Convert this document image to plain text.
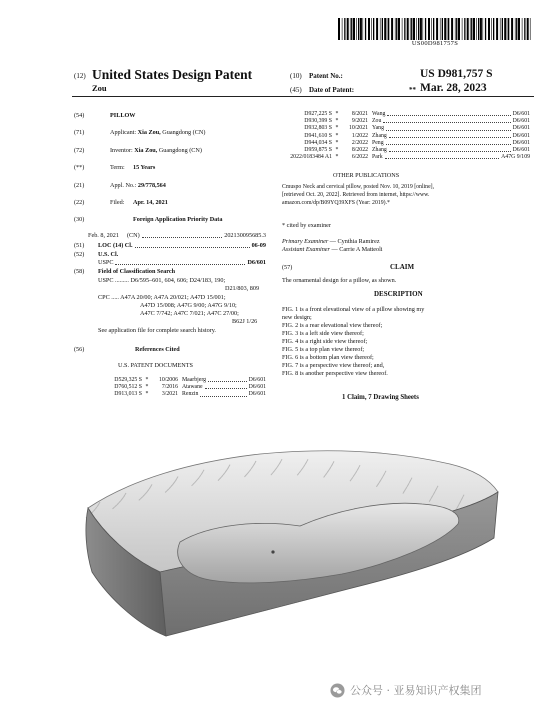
US00D981757S
(12) United States Design Patent
Zou
(10) Patent No.:	US D981,757 S
(45) Date of Patent:	** Mar. 28, 2023
(54)	PILLOW
(71)	Applicant: Xia Zou, Guangdong (CN)
(72)	Inventor: Xia Zou, Guangdong (CN)
(**)	Term: 15 Years
(21)	Appl. No.: 29/778,564
(22)	Filed: Apr. 14, 2021
(30)	Foreign Application Priority Data
Feb. 8, 2021 (CN)	202130095685.3
(51) LOC (14) Cl.	06-09
(52) U.S. Cl.
USPC	D6/601
(58) Field of Classification Search
USPC ......... D6/595–601, 604, 606; D24/183, 190;
D21/803, 809
CPC ..... A47A 20/00; A47A 20/021; A47D 15/001;
A47D 15/008; A47G 9/00; A47G 9/10;
A47C 7/742; A47C 7/021; A47C 27/00;
B62J 1/26
See application file for complete search history.
(56)	References Cited
U.S. PATENT DOCUMENTS
D529,325 S *	10/2006 Maarbjerg	D6/601
D760,512 S *	7/2016 Atawane	D6/601
D913,013 S *	3/2021 Renzin	D6/601
D927,225 S *	8/2021 Wang	D6/601
D930,399 S *	9/2021 Zou	D6/601
D932,803 S *	10/2021 Yang	D6/601
D941,610 S *	1/2022 Zhang	D6/601
D944,034 S *	2/2022 Peng	D6/601
D959,875 S *	8/2022 Zhang	D6/601
2022/0183484 A1 *	6/2022 Park	A47G 9/109
OTHER PUBLICATIONS
Cmuspo Neck and cervical pillow, posted Nov. 10, 2019 [online],
[retrieved Oct. 20, 2022]. Retrieved from internet, https://www.
amazon.com/dp/B09YQ39XFS (Year: 2019).*
* cited by examiner
Primary Examiner — Cynthia Ramirez
Assistant Examiner — Carrie A Matteoli
(57)	CLAIM
The ornamental design for a pillow, as shown.
DESCRIPTION
FIG. 1 is a front elevational view of a pillow showing my
new design;
FIG. 2 is a rear elevational view thereof;
FIG. 3 is a left side view thereof;
FIG. 4 is a right side view thereof;
FIG. 5 is a top plan view thereof;
FIG. 6 is a bottom plan view thereof;
FIG. 7 is a perspective view thereof; and,
FIG. 8 is another perspective view thereof.
1 Claim, 7 Drawing Sheets
公众号 · 亚易知识产权集团
